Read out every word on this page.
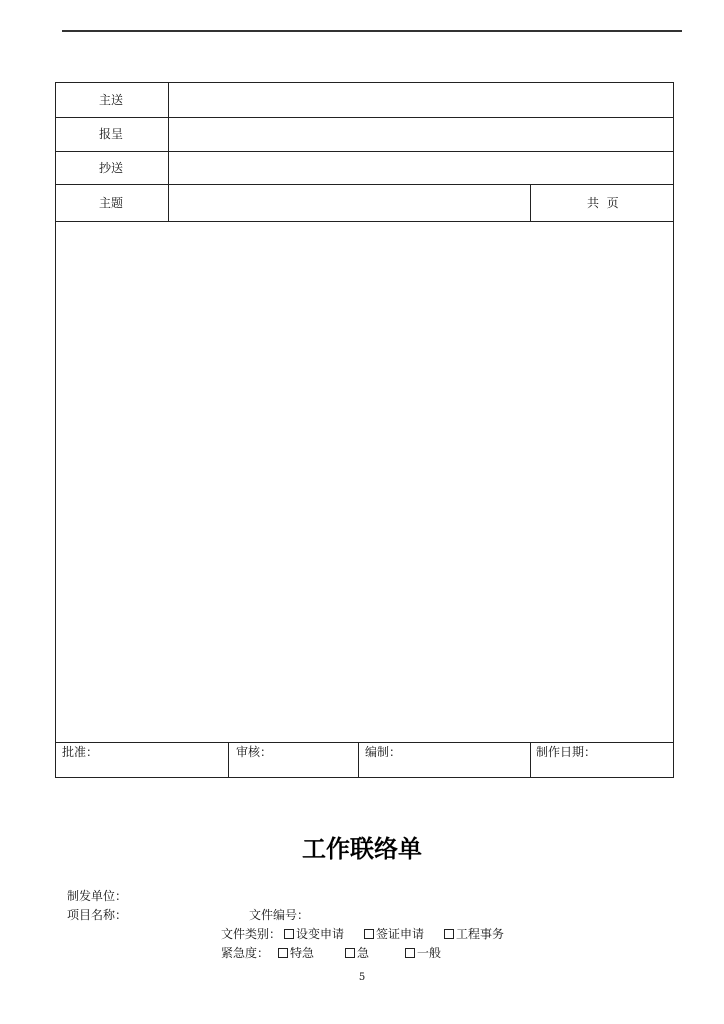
主送
报呈
抄送
主题	共  页
批准：	审核：	编制：	制作日期：
工作联络单
制发单位：
项目名称：	文件编号：
文件类别：	设变申请	签证申请	工程事务
紧急度：	特急	急	一般
5
